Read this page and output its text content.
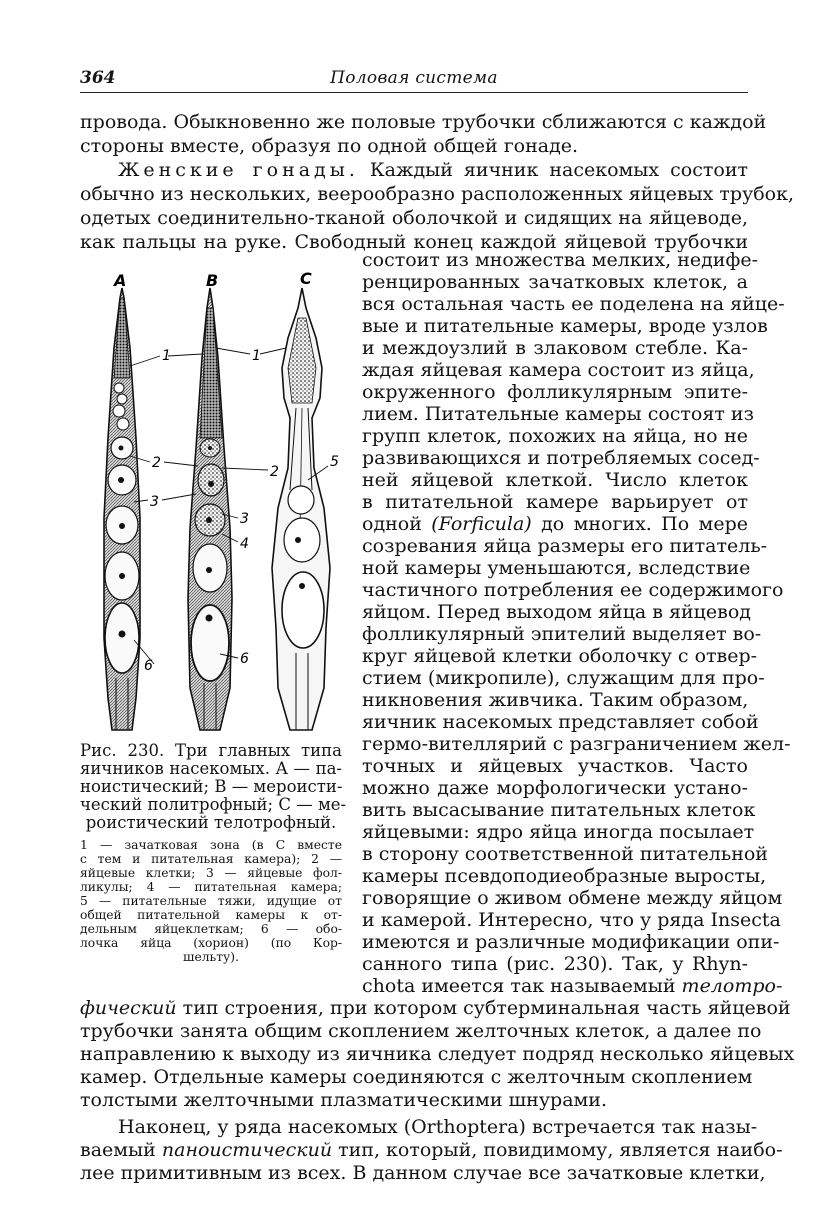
364	Половая система
провода. Обыкновенно же половые трубочки сближаются с каждой
стороны вместе, образуя по одной общей гонаде.
Женские гонады. Каждый яичник насекомых состоит
обычно из нескольких, веерообразно расположенных яйцевых трубок,
одетых соединительно-тканой оболочкой и сидящих на яйцеводе,
как пальцы на руке. Свободный конец каждой яйцевой трубочки
состоит из множества мелких, недифе-
ренцированных зачатковых клеток, а
вся остальная часть ее поделена на яйце-
вые и питательные камеры, вроде узлов
и междоузлий в злаковом стебле. Ка-
ждая яйцевая камера состоит из яйца,
окруженного фолликулярным эпите-
лием. Питательные камеры состоят из
групп клеток, похожих на яйца, но не
развивающихся и потребляемых сосед-
ней яйцевой клеткой. Число клеток
в питательной камере варьирует от
одной (Forficula) до многих. По мере
созревания яйца размеры его питатель-
ной камеры уменьшаются, вследствие
частичного потребления ее содержимого
яйцом. Перед выходом яйца в яйцевод
фолликулярный эпителий выделяет во-
круг яйцевой клетки оболочку с отвер-
стием (микропиле), служащим для про-
никновения живчика. Таким образом,
яичник насекомых представляет собой
гермо-вителлярий с разграничением жел-
точных и яйцевых участков. Часто
можно даже морфологически устано-
вить высасывание питательных клеток
яйцевыми: ядро яйца иногда посылает
в сторону соответственной питательной
камеры псевдоподиеобразные выросты,
говорящие о живом обмене между яйцом
и камерой. Интересно, что у ряда Insecta
имеются и различные модификации опи-
санного типа (рис. 230). Так, у Rhyn-
chota имеется так называемый телотро-
фический тип строения, при котором субтерминальная часть яйцевой
трубочки занята общим скоплением желточных клеток, а далее по
направлению к выходу из яичника следует подряд несколько яйцевых
камер. Отдельные камеры соединяются с желточным скоплением
толстыми желточными плазматическими шнурами.
Наконец, у ряда насекомых (Orthoptera) встречается так назы-
ваемый паноистический тип, который, повидимому, является наибо-
лее примитивным из всех. В данном случае все зачатковые клетки,
A	B	C
1	1
2
2
5
3
3
4
6	6
Рис. 230. Три главных типа
яичников насекомых. А — па-
ноистический; В — мероисти-
ческий политрофный; С — ме-
роистический телотрофный.
1 — зачатковая зона (в С вместе
с тем и питательная камера); 2 —
яйцевые клетки; 3 — яйцевые фол-
ликулы; 4 — питательная камера;
5 — питательные тяжи, идущие от
общей питательной камеры к от-
дельным яйцеклеткам; 6 — обо-
лочка яйца (хорион) (по Кор-
шельту).
